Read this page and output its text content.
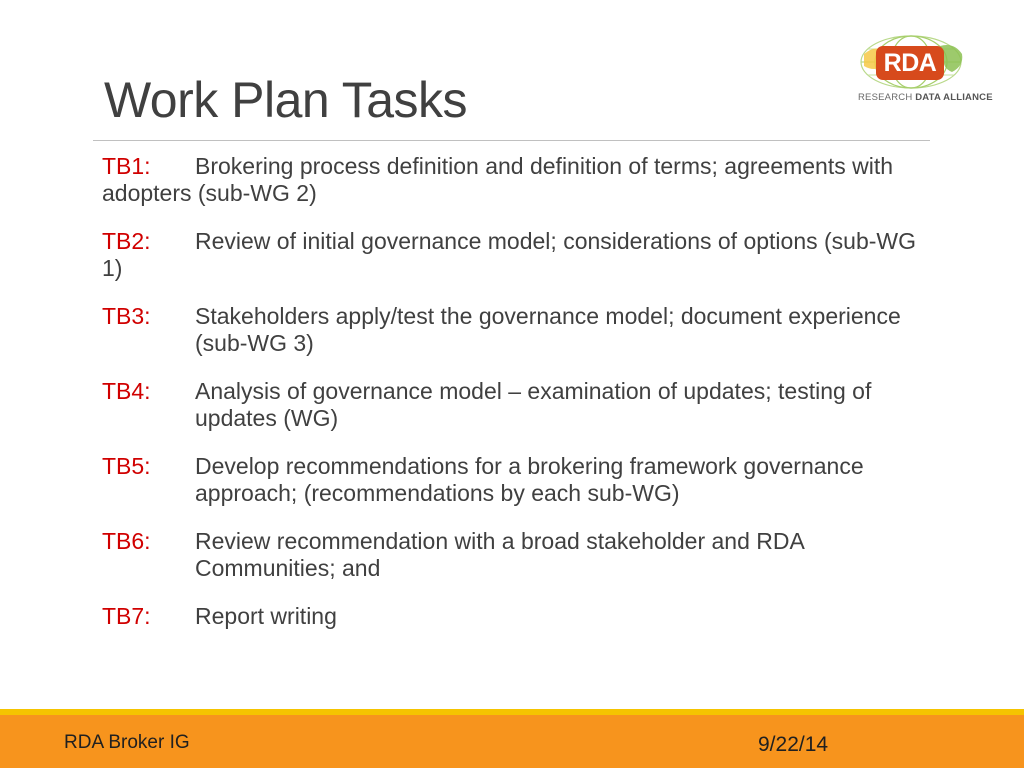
Work Plan Tasks
RDA
RESEARCH DATA ALLIANCE
TB1: Brokering process definition and definition of terms; agreements with adopters (sub-WG 2)
TB2: Review of initial governance model; considerations of options (sub-WG 1)
TB3:	Stakeholders apply/test the governance model; document experience (sub-WG 3)
TB4:	Analysis of governance model – examination of updates; testing of updates (WG)
TB5:	Develop recommendations for a brokering framework governance approach; (recommendations by each sub-WG)
TB6:	Review recommendation with a broad stakeholder and RDA Communities; and
TB7:	Report writing
RDA Broker IG	9/22/14
